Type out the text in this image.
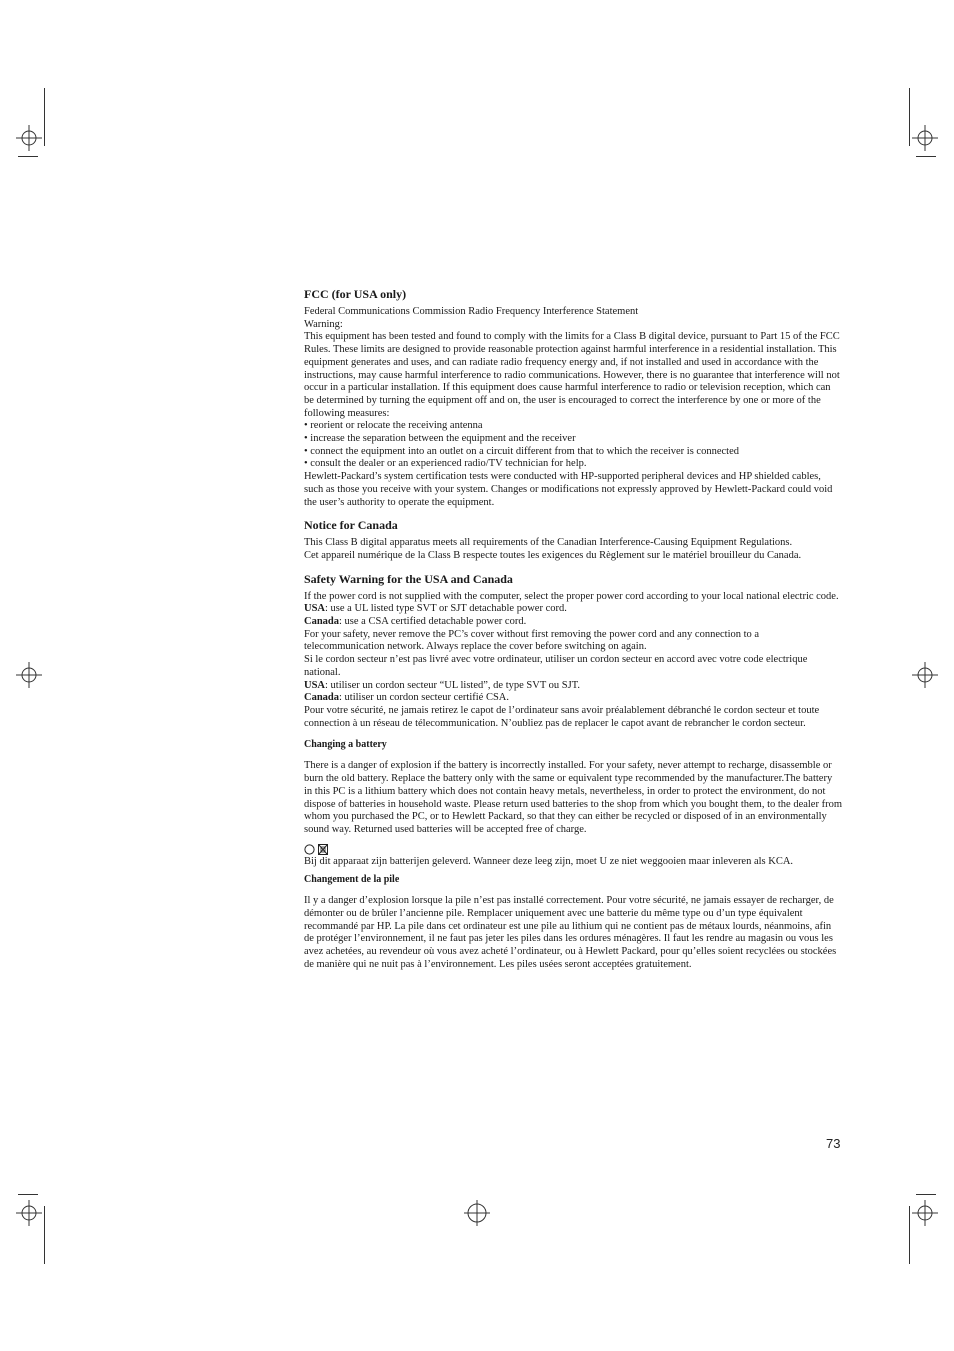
FCC (for USA only)

Federal Communications Commission Radio Frequency Interference Statement

Warning:

This equipment has been tested and found to comply with the limits for a Class B digital device, pursuant to Part 15 of the FCC Rules. These limits are designed to provide reasonable protection against harmful interference in a residential installation. This equipment generates and uses, and can radiate radio frequency energy and, if not installed and used in accordance with the instructions, may cause harmful interference to radio communications. However, there is no guarantee that interference will not occur in a particular installation. If this equipment does cause harmful interference to radio or television reception, which can be determined by turning the equipment off and on, the user is encouraged to correct the interference by one or more of the following measures:

• reorient or relocate the receiving antenna

• increase the separation between the equipment and the receiver

• connect the equipment into an outlet on a circuit different from that to which the receiver is connected

• consult the dealer or an experienced radio/TV technician for help.

Hewlett-Packard’s system certification tests were conducted with HP-supported peripheral devices and HP shielded cables, such as those you receive with your system. Changes or modifications not expressly approved by Hewlett-Packard could void the user’s authority to operate the equipment.

Notice for Canada

This Class B digital apparatus meets all requirements of the Canadian Interference-Causing Equipment Regulations.

Cet appareil numérique de la Class B respecte toutes les exigences du Règlement sur le matériel brouilleur du Canada.

Safety Warning for the USA and Canada

If the power cord is not supplied with the computer, select the proper power cord according to your local national electric code.

USA: use a UL listed type SVT or SJT detachable power cord.

Canada: use a CSA certified detachable power cord.

For your safety, never remove the PC’s cover without first removing the power cord and any connection to a telecommunication network. Always replace the cover before switching on again.

Si le cordon secteur n’est pas livré avec votre ordinateur, utiliser un cordon secteur en accord avec votre code electrique national.

USA: utiliser un cordon secteur “UL listed”, de type SVT ou SJT.

Canada: utiliser un cordon secteur certifié CSA.

Pour votre sécurité, ne jamais retirez le capot de l’ordinateur sans avoir préalablement débranché le cordon secteur et toute connection à un réseau de télecommunication. N’oubliez pas de replacer le capot avant de rebrancher le cordon secteur.

Changing a battery

There is a danger of explosion if the battery is incorrectly installed. For your safety, never attempt to recharge, disassemble or burn the old battery. Replace the battery only with the same or equivalent type recommended by the manufacturer.The battery in this PC is a lithium battery which does not contain heavy metals, nevertheless, in order to protect the environment, do not dispose of batteries in household waste. Please return used batteries to the shop from which you bought them, to the dealer from whom you purchased the PC, or to Hewlett Packard, so that they can either be recycled or disposed of in an environmentally sound way. Returned used batteries will be accepted free of charge.

Bij dit apparaat zijn batterijen geleverd. Wanneer deze leeg zijn, moet U ze niet weggooien maar inleveren als KCA.

Changement de la pile

Il y a danger d’explosion lorsque la pile n’est pas installé correctement. Pour votre sécurité, ne jamais essayer de recharger, de démonter ou de brûler l’ancienne pile. Remplacer uniquement avec une batterie du même type ou d’un type équivalent recommandé par HP. La pile dans cet ordinateur est une pile au lithium qui ne contient pas de métaux lourds, néanmoins, afin de protéger l’environnement, il ne faut pas jeter les piles dans les ordures ménagères. Il faut les rendre au magasin ou vous les avez achetées, au revendeur où vous avez acheté l’ordinateur, ou à Hewlett Packard, pour qu’elles soient recyclées ou stockées de manière qui ne nuit pas à l’environnement. Les piles usées seront acceptées gratuitement.

73
